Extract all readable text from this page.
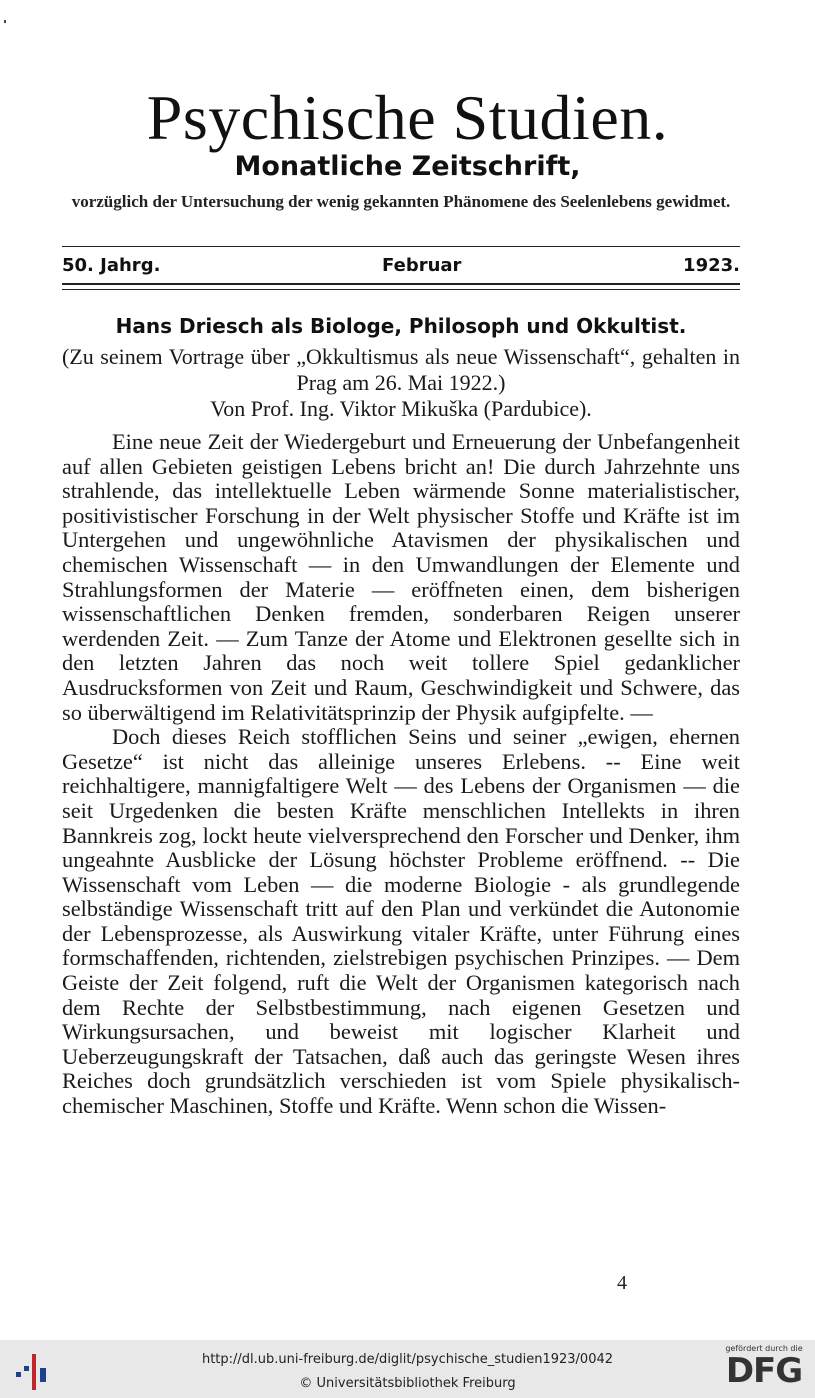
Psychische Studien.
Monatliche Zeitschrift,
vorzüglich der Untersuchung der wenig gekannten Phänomene des Seelenlebens gewidmet.
50. Jahrg.	Februar	1923.
Hans Driesch als Biologe, Philosoph und Okkultist.
(Zu seinem Vortrage über „Okkultismus als neue Wissenschaft“, gehalten in Prag am 26. Mai 1922.)
Von Prof. Ing. Viktor Mikuška (Pardubice).

Eine neue Zeit der Wiedergeburt und Erneuerung der Unbefangenheit auf allen Gebieten geistigen Lebens bricht an! Die durch Jahrzehnte uns strahlende, das intellektuelle Leben wärmende Sonne materialistischer, positivistischer Forschung in der Welt physischer Stoffe und Kräfte ist im Untergehen und ungewöhnliche Atavismen der physikalischen und chemischen Wissenschaft — in den Umwandlungen der Elemente und Strahlungsformen der Materie — eröffneten einen, dem bisherigen wissenschaftlichen Denken fremden, sonderbaren Reigen unserer werdenden Zeit. — Zum Tanze der Atome und Elektronen gesellte sich in den letzten Jahren das noch weit tollere Spiel gedanklicher Ausdrucksformen von Zeit und Raum, Geschwindigkeit und Schwere, das so überwältigend im Relativitätsprinzip der Physik aufgipfelte. —

Doch dieses Reich stofflichen Seins und seiner „ewigen, ehernen Gesetze“ ist nicht das alleinige unseres Erlebens. -- Eine weit reichhaltigere, mannigfaltigere Welt — des Lebens der Organismen — die seit Urgedenken die besten Kräfte menschlichen Intellekts in ihren Bannkreis zog, lockt heute vielversprechend den Forscher und Denker, ihm ungeahnte Ausblicke der Lösung höchster Probleme eröffnend. -- Die Wissenschaft vom Leben — die moderne Biologie - als grundlegende selbständige Wissenschaft tritt auf den Plan und verkündet die Autonomie der Lebensprozesse, als Auswirkung vitaler Kräfte, unter Führung eines formschaffenden, richtenden, zielstrebigen psychischen Prinzipes. — Dem Geiste der Zeit folgend, ruft die Welt der Organismen kategorisch nach dem Rechte der Selbstbestimmung, nach eigenen Gesetzen und Wirkungsursachen, und beweist mit logischer Klarheit und Ueberzeugungskraft der Tatsachen, daß auch das geringste Wesen ihres Reiches doch grundsätzlich verschieden ist vom Spiele physikalisch-chemischer Maschinen, Stoffe und Kräfte. Wenn schon die Wissen-

4
http://dl.ub.uni-freiburg.de/diglit/psychische_studien1923/0042
© Universitätsbibliothek Freiburg
gefördert durch die
DFG
